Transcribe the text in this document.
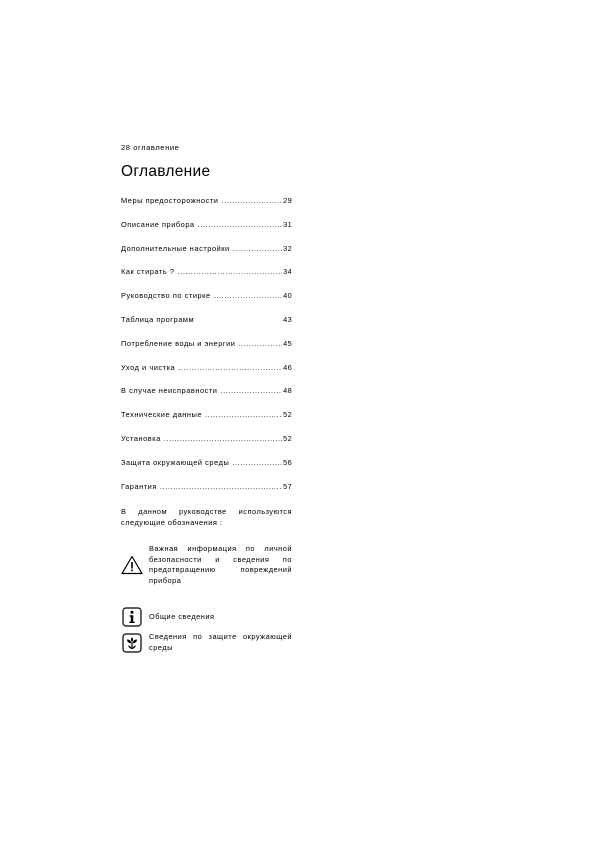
28 оглавление
Оглавление
Меры предосторожности .....	29
Описание прибора .....	31
Дополнительные настройки .....	32
Как стирать ? .....	34
Руководство по стирке .....	40
Таблица программ	43
Потребление воды и энергии .....	45
Уход и чистка .....	46
В случае неисправности .....	48
Технические данные .....	52
Установка .....	52
Защита окружающей среды .....	56
Гарантия .....	57

В данном руководстве используются следующие обозначения :

Важная информация по личной безопасности и сведения по предотвращению повреждений прибора
Общие сведения
Сведения по защите окружающей среды
